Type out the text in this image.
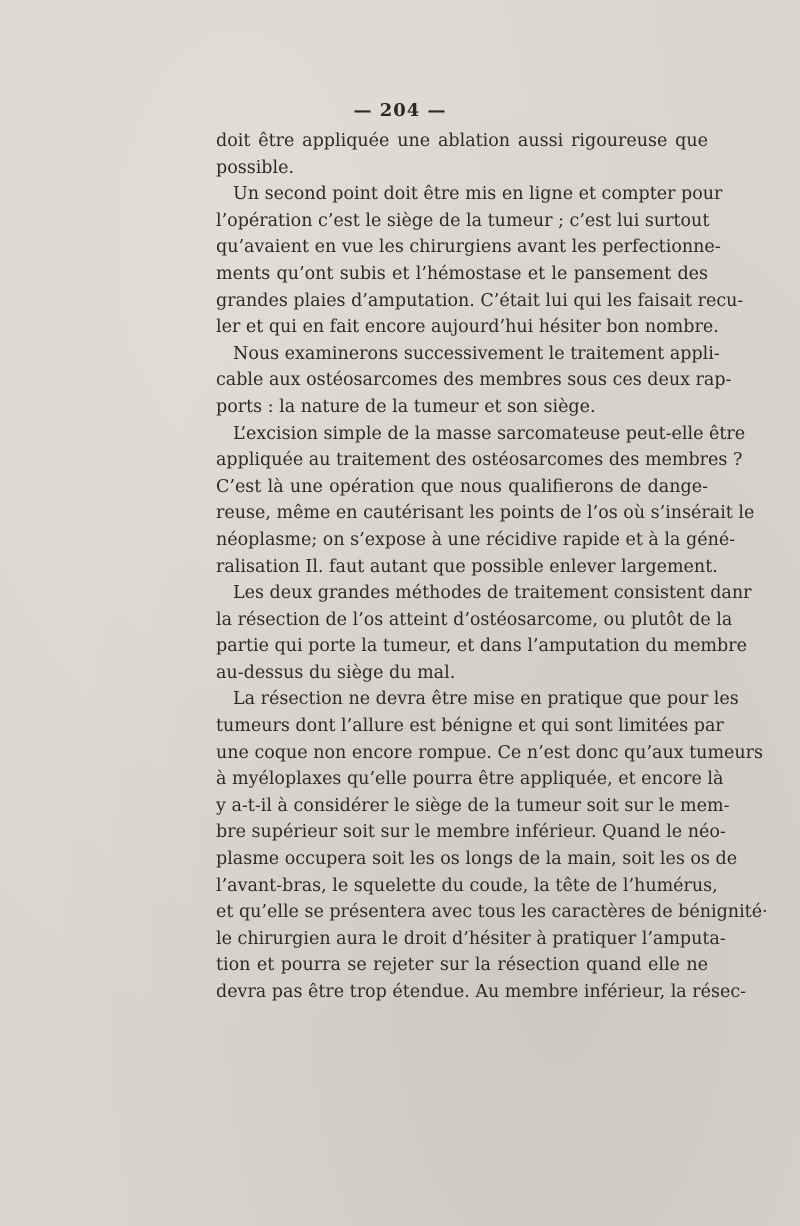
— 204 —
doit être appliquée une ablation aussi rigoureuse que
possible.
Un second point doit être mis en ligne et compter pour
l’opération c’est le siège de la tumeur ; c’est lui surtout
qu’avaient en vue les chirurgiens avant les perfectionne-
ments qu’ont subis et l’hémostase et le pansement des
grandes plaies d’amputation. C’était lui qui les faisait recu-
ler et qui en fait encore aujourd’hui hésiter bon nombre.
Nous examinerons successivement le traitement appli-
cable aux ostéosarcomes des membres sous ces deux rap-
ports : la nature de la tumeur et son siège.
L’excision simple de la masse sarcomateuse peut-elle être
appliquée au traitement des ostéosarcomes des membres ?
C’est là une opération que nous qualifierons de dange-
reuse, même en cautérisant les points de l’os où s’insérait le
néoplasme; on s’expose à une récidive rapide et à la géné-
ralisation Il. faut autant que possible enlever largement.
Les deux grandes méthodes de traitement consistent danr
la résection de l’os atteint d’ostéosarcome, ou plutôt de la
partie qui porte la tumeur, et dans l’amputation du membre
au-dessus du siège du mal.
La résection ne devra être mise en pratique que pour les
tumeurs dont l’allure est bénigne et qui sont limitées par
une coque non encore rompue. Ce n’est donc qu’aux tumeurs
à myéloplaxes qu’elle pourra être appliquée, et encore là
y a-t-il à considérer le siège de la tumeur soit sur le mem-
bre supérieur soit sur le membre inférieur. Quand le néo-
plasme occupera soit les os longs de la main, soit les os de
l’avant-bras, le squelette du coude, la tête de l’humérus,
et qu’elle se présentera avec tous les caractères de bénignité·
le chirurgien aura le droit d’hésiter à pratiquer l’amputa-
tion et pourra se rejeter sur la résection quand elle ne
devra pas être trop étendue. Au membre inférieur, la résec-
